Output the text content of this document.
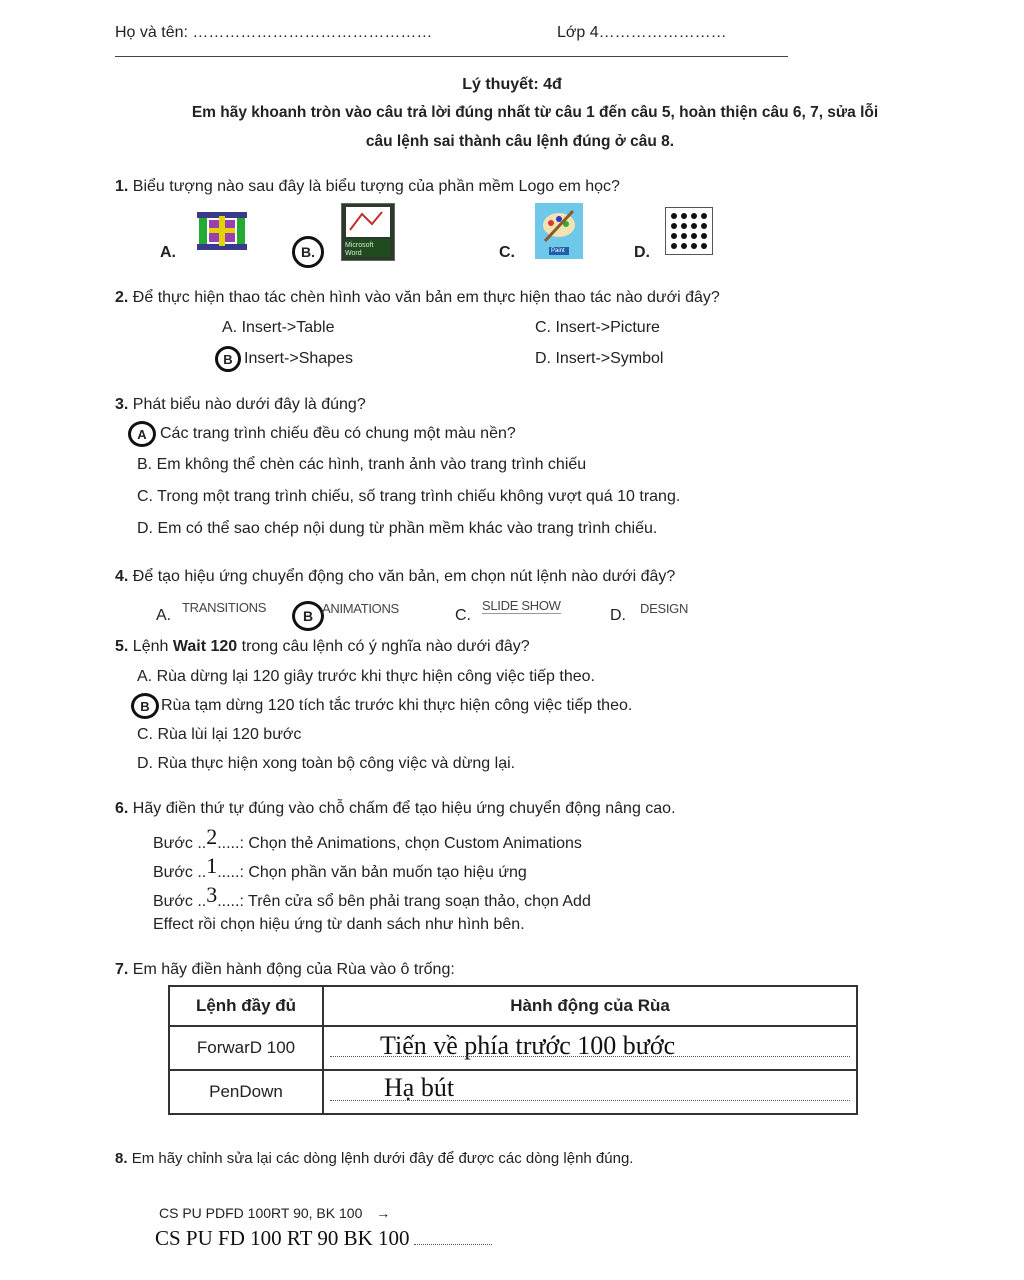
Họ và tên: ………………………………………	Lớp 4……………………
Lý thuyết: 4đ
Em hãy khoanh tròn vào câu trả lời đúng nhất từ câu 1 đến câu 5, hoàn thiện câu 6, 7, sửa lỗi
câu lệnh sai thành câu lệnh đúng ở câu 8.
1. Biểu tượng nào sau đây là biểu tượng của phần mềm Logo em học?
A.	B.	Microsoft Word	C.	Paint	D.
2. Để thực hiện thao tác chèn hình vào văn bản em thực hiện thao tác nào dưới đây?
A. Insert->Table
B Insert->Shapes
C. Insert->Picture
D. Insert->Symbol
3. Phát biểu nào dưới đây là đúng?
A Các trang trình chiếu đều có chung một màu nền?
B. Em không thể chèn các hình, tranh ảnh vào trang trình chiếu
C. Trong một trang trình chiếu, số trang trình chiếu không vượt quá 10 trang.
D. Em có thể sao chép nội dung từ phần mềm khác vào trang trình chiếu.
4. Để tạo hiệu ứng chuyển động cho văn bản, em chọn nút lệnh nào dưới đây?
A. TRANSITIONS
B ANIMATIONS	C.
SLIDE SHOW
D. DESIGN
5. Lệnh Wait 120 trong câu lệnh có ý nghĩa nào dưới đây?
A. Rùa dừng lại 120 giây trước khi thực hiện công việc tiếp theo.
B Rùa tạm dừng 120 tích tắc trước khi thực hiện công việc tiếp theo.
C. Rùa lùi lại 120 bước
D. Rùa thực hiện xong toàn bộ công việc và dừng lại.
6. Hãy điền thứ tự đúng vào chỗ chấm để tạo hiệu ứng chuyển động nâng cao.
Bước ..2.....: Chọn thẻ Animations, chọn Custom Animations
Bước ..1.....: Chọn phần văn bản muốn tạo hiệu ứng
Bước ..3.....: Trên cửa sổ bên phải trang soạn thảo, chọn Add
Effect rồi chọn hiệu ứng từ danh sách như hình bên.
7. Em hãy điền hành động của Rùa vào ô trống:
Lệnh đầy đủ	Hành động của Rùa
ForwarD 100	Tiến về phía trước 100 bước

PenDown	Hạ bút
8. Em hãy chỉnh sửa lại các dòng lệnh dưới đây để được các dòng lệnh đúng.
CS PU PDFD 100RT 90, BK 100 →
CS PU FD 100 RT 90 BK 100
